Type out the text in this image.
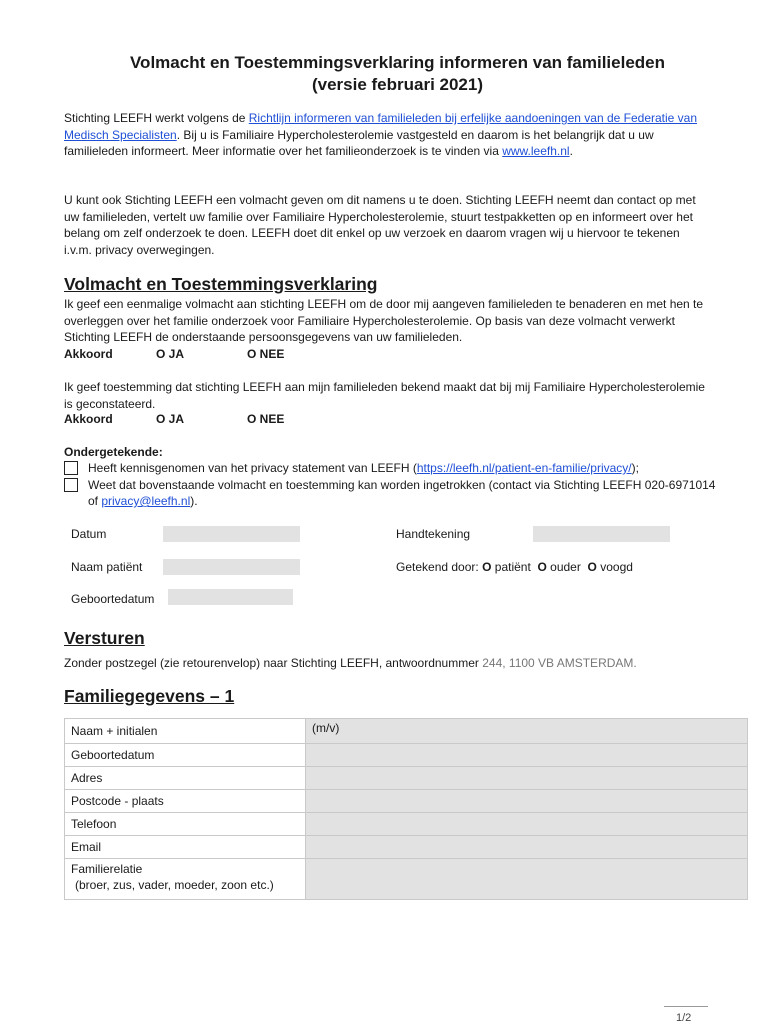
Volmacht en Toestemmingsverklaring informeren van familieleden
(versie februari 2021)
Stichting LEEFH werkt volgens de Richtlijn informeren van familieleden bij erfelijke aandoeningen van de Federatie van Medisch Specialisten. Bij u is Familiaire Hypercholesterolemie vastgesteld en daarom is het belangrijk dat u uw familieleden informeert. Meer informatie over het familieonderzoek is te vinden via www.leefh.nl.
U kunt ook Stichting LEEFH een volmacht geven om dit namens u te doen. Stichting LEEFH neemt dan contact op met uw familieleden, vertelt uw familie over Familiaire Hypercholesterolemie, stuurt testpakketten op en informeert over het belang om zelf onderzoek te doen. LEEFH doet dit enkel op uw verzoek en daarom vragen wij u hiervoor te tekenen i.v.m. privacy overwegingen.
Volmacht en Toestemmingsverklaring
Ik geef een eenmalige volmacht aan stichting LEEFH om de door mij aangeven familieleden te benaderen en met hen te overleggen over het familie onderzoek voor Familiaire Hypercholesterolemie. Op basis van deze volmacht verwerkt Stichting LEEFH de onderstaande persoonsgegevens van uw familieleden.
Akkoord	O JA	O NEE
Ik geef toestemming dat stichting LEEFH aan mijn familieleden bekend maakt dat bij mij Familiaire Hypercholesterolemie is geconstateerd.
Akkoord	O JA	O NEE
Ondergetekende:
Heeft kennisgenomen van het privacy statement van LEEFH (https://leefh.nl/patient-en-familie/privacy/);
Weet dat bovenstaande volmacht en toestemming kan worden ingetrokken (contact via Stichting LEEFH 020-6971014 of privacy@leefh.nl).
Datum	Handtekening
Naam patiënt	Getekend door: O patiënt O ouder O voogd
Geboortedatum
Versturen
Zonder postzegel (zie retourenvelop) naar Stichting LEEFH, antwoordnummer 244, 1100 VB AMSTERDAM.
Familiegegevens – 1
Naam + initialen	(m/v)
Geboortedatum	
Adres	
Postcode - plaats	
Telefoon	
Email	

Familierelatie
(broer, zus, vader, moeder, zoon etc.)	

1/2
